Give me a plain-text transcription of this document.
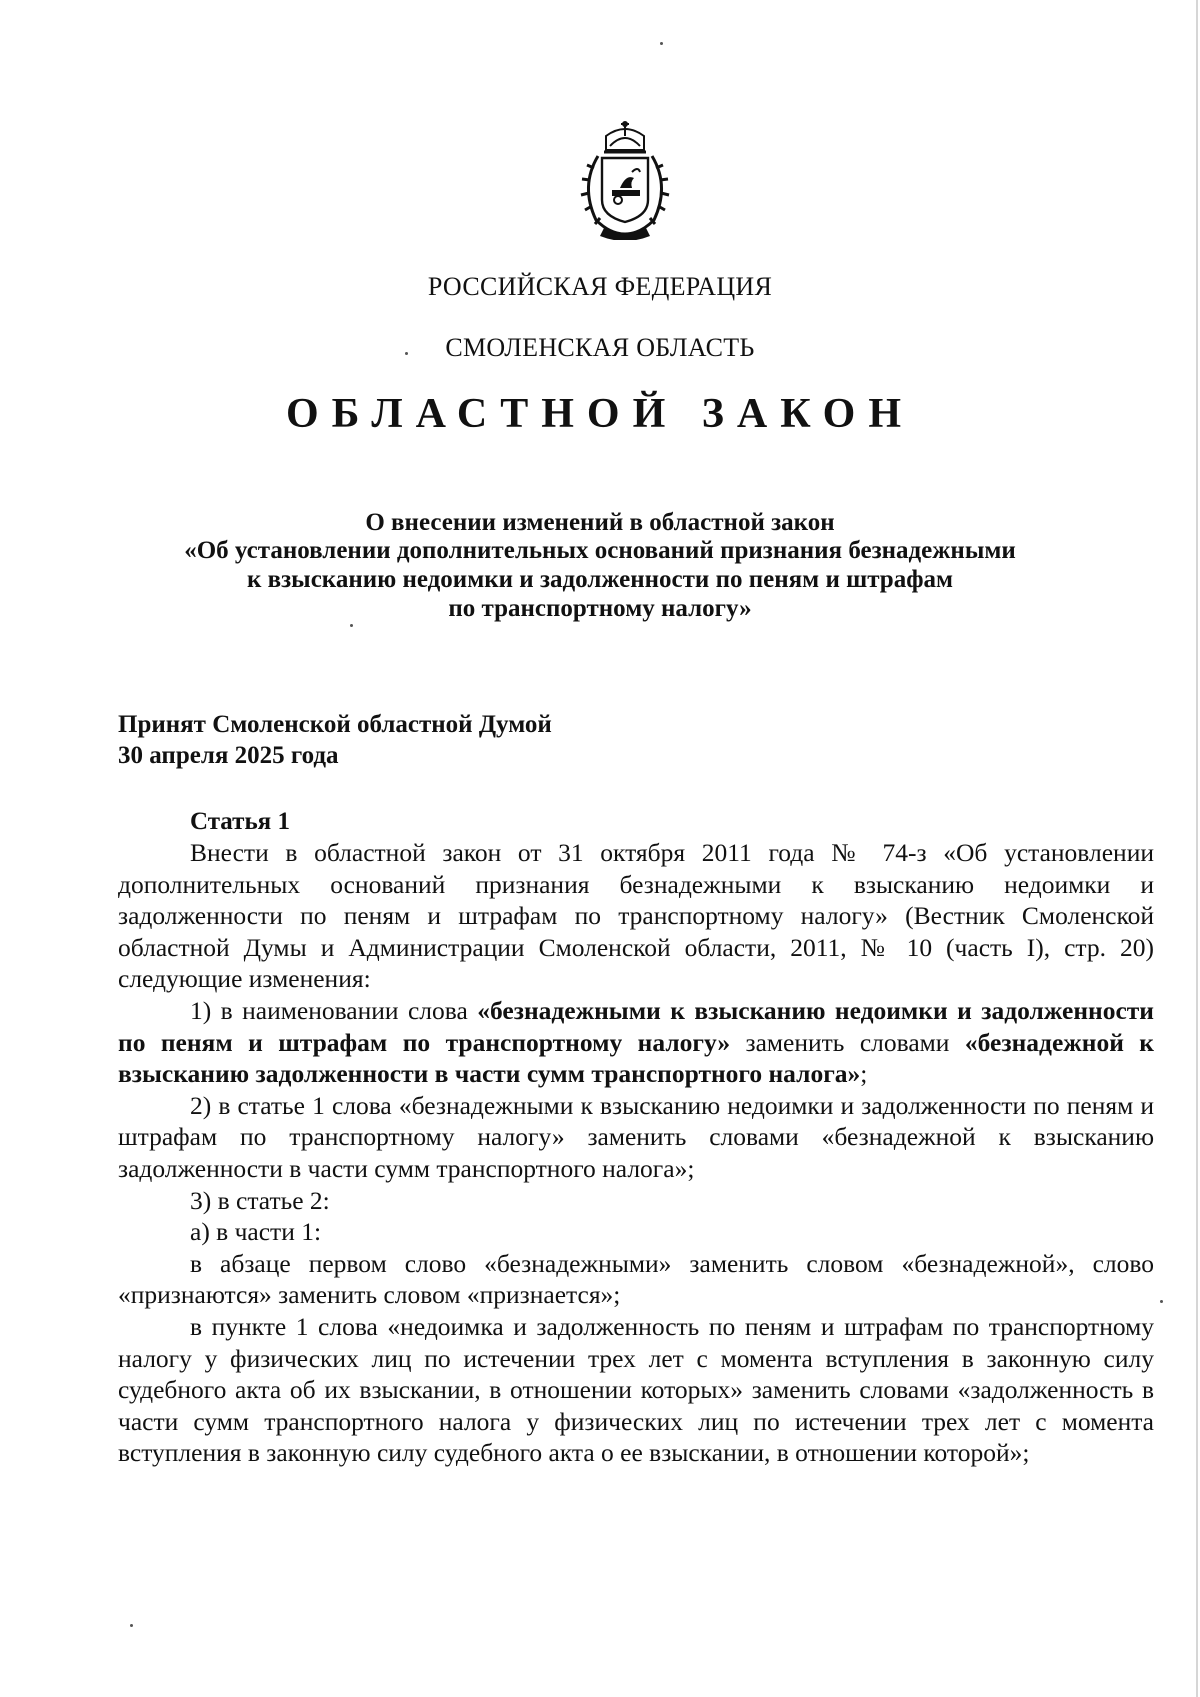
РОССИЙСКАЯ ФЕДЕРАЦИЯ
СМОЛЕНСКАЯ ОБЛАСТЬ
ОБЛАСТНОЙ ЗАКОН
О внесении изменений в областной закон
«Об установлении дополнительных оснований признания безнадежными
к взысканию недоимки и задолженности по пеням и штрафам
по транспортному налогу»
Принят Смоленской областной Думой
30 апреля 2025 года
Статья 1

Внести в областной закон от 31 октября 2011 года № 74-з «Об установлении дополнительных оснований признания безнадежными к взысканию недоимки и задолженности по пеням и штрафам по транспортному налогу» (Вестник Смоленской областной Думы и Администрации Смоленской области, 2011, № 10 (часть I), стр. 20) следующие изменения:

1) в наименовании слова «безнадежными к взысканию недоимки и задолженности по пеням и штрафам по транспортному налогу» заменить словами «безнадежной к взысканию задолженности в части сумм транспортного налога»;

2) в статье 1 слова «безнадежными к взысканию недоимки и задолженности по пеням и штрафам по транспортному налогу» заменить словами «безнадежной к взысканию задолженности в части сумм транспортного налога»;

3) в статье 2:

а) в части 1:

в абзаце первом слово «безнадежными» заменить словом «безнадежной», слово «признаются» заменить словом «признается»;

в пункте 1 слова «недоимка и задолженность по пеням и штрафам по транспортному налогу у физических лиц по истечении трех лет с момента вступления в законную силу судебного акта об их взыскании, в отношении которых» заменить словами «задолженность в части сумм транспортного налога у физических лиц по истечении трех лет с момента вступления в законную силу судебного акта о ее взыскании, в отношении которой»;
